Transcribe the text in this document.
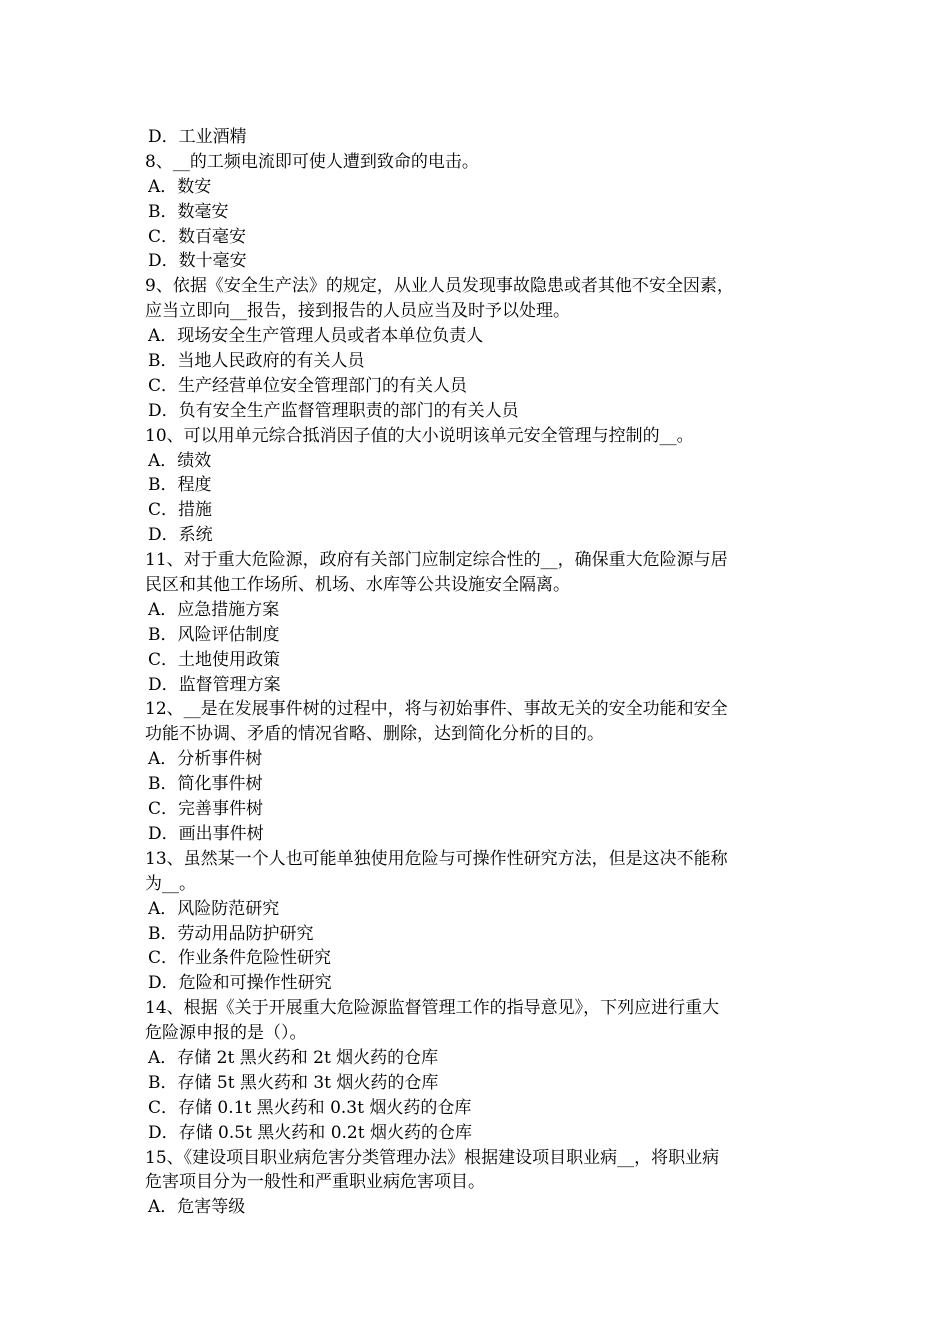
D．工业酒精
8、__的工频电流即可使人遭到致命的电击。
A．数安
B．数毫安
C．数百毫安
D．数十毫安
9、依据《安全生产法》的规定，从业人员发现事故隐患或者其他不安全因素，
应当立即向__报告，接到报告的人员应当及时予以处理。
A．现场安全生产管理人员或者本单位负责人
B．当地人民政府的有关人员
C．生产经营单位安全管理部门的有关人员
D．负有安全生产监督管理职责的部门的有关人员
10、可以用单元综合抵消因子值的大小说明该单元安全管理与控制的__。
A．绩效
B．程度
C．措施
D．系统
11、对于重大危险源，政府有关部门应制定综合性的__，确保重大危险源与居
民区和其他工作场所、机场、水库等公共设施安全隔离。
A．应急措施方案
B．风险评估制度
C．土地使用政策
D．监督管理方案
12、__是在发展事件树的过程中，将与初始事件、事故无关的安全功能和安全
功能不协调、矛盾的情况省略、删除，达到简化分析的目的。
A．分析事件树
B．简化事件树
C．完善事件树
D．画出事件树
13、虽然某一个人也可能单独使用危险与可操作性研究方法，但是这决不能称
为__。
A．风险防范研究
B．劳动用品防护研究
C．作业条件危险性研究
D．危险和可操作性研究
14、根据《关于开展重大危险源监督管理工作的指导意见》，下列应进行重大
危险源申报的是（）。
A．存储 2t 黑火药和 2t 烟火药的仓库
B．存储 5t 黑火药和 3t 烟火药的仓库
C．存储 0.1t 黑火药和 0.3t 烟火药的仓库
D．存储 0.5t 黑火药和 0.2t 烟火药的仓库
15、《建设项目职业病危害分类管理办法》根据建设项目职业病__，将职业病
危害项目分为一般性和严重职业病危害项目。
A．危害等级
